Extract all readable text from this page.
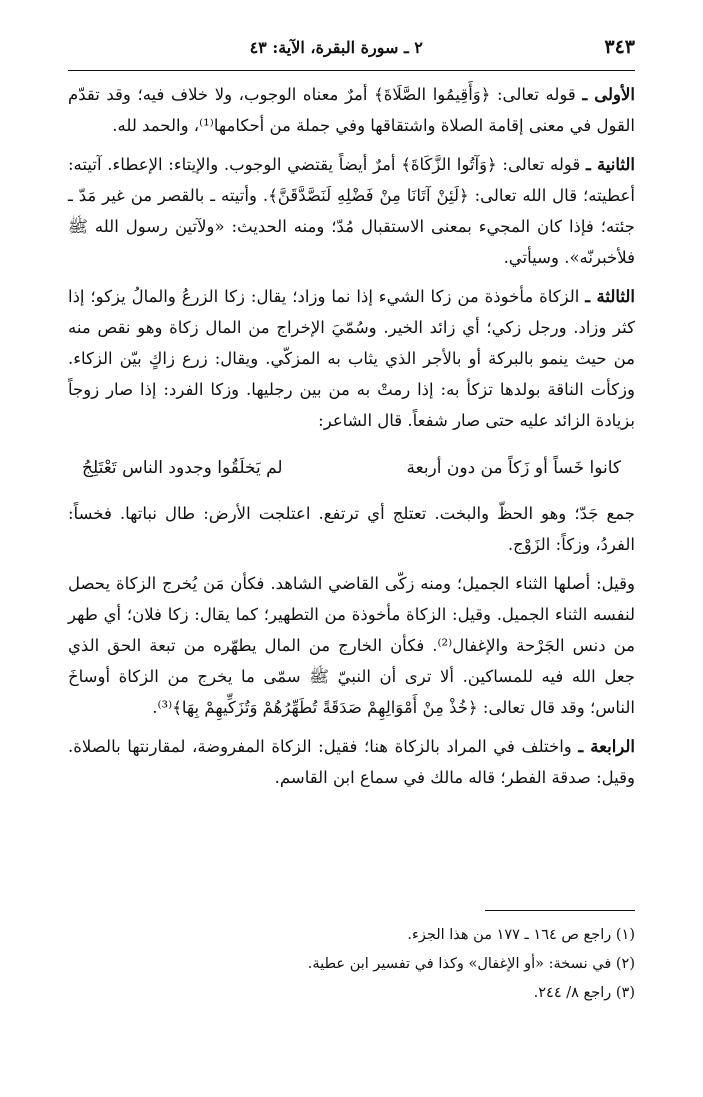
٣٤٣
٢ ـ سورة البقرة، الآية: ٤٣

الأولى ـ قوله تعالى: ﴿وَأَقِيمُوا الصَّلَاةَ﴾ أمرٌ معناه الوجوب، ولا خلاف فيه؛ وقد تقدّم القول في معنى إقامة الصلاة واشتقاقها وفي جملة من أحكامها⁽¹⁾، والحمد لله.

الثانية ـ قوله تعالى: ﴿وَآتُوا الزَّكَاةَ﴾ أمرٌ أيضاً يقتضي الوجوب. والإيتاء: الإعطاء. آتيته: أعطيته؛ قال الله تعالى: ﴿لَئِنْ آتَانَا مِنْ فَضْلِهِ لَنَصَّدَّقَنَّ﴾. وأتيته ـ بالقصر من غير مَدّ ـ جئته؛ فإذا كان المجيء بمعنى الاستقبال مُدّ؛ ومنه الحديث: «ولآتين رسول الله ﷺ فلأخبرنّه». وسيأتي.

الثالثة ـ الزكاة مأخوذة من زكا الشيء إذا نما وزاد؛ يقال: زكا الزرعُ والمالُ يزكو؛ إذا كثر وزاد. ورجل زكي؛ أي زائد الخير. وسُمّيَ الإخراج من المال زكاة وهو نقص منه من حيث ينمو بالبركة أو بالأجر الذي يثاب به المزكّي. ويقال: زرع زاكٍ بيّن الزكاء. وزكأت الناقة بولدها تزكأ به: إذا رمتْ به من بين رجليها. وزكا الفرد: إذا صار زوجاً بزيادة الزائد عليه حتى صار شفعاً. قال الشاعر:

كانوا خَساً أو زَكاً من دون أربعة
لم يَخلَقُوا وجدود الناس تَعْتَلِجُ

جمع جَدّ؛ وهو الحظّ والبخت. تعتلج أي ترتفع. اعتلجت الأرض: طال نباتها. فخساً: الفردُ، وزكاً: الزَوْج.

وقيل: أصلها الثناء الجميل؛ ومنه زكّى القاضي الشاهد. فكأن مَن يُخرج الزكاة يحصل لنفسه الثناء الجميل. وقيل: الزكاة مأخوذة من التطهير؛ كما يقال: زكا فلان؛ أي طهر من دنس الجَرْحة والإغفال⁽²⁾. فكأن الخارج من المال يطهّره من تبعة الحق الذي جعل الله فيه للمساكين. ألا ترى أن النبيّ ﷺ سمّى ما يخرج من الزكاة أوساخَ الناس؛ وقد قال تعالى: ﴿خُذْ مِنْ أَمْوَالِهِمْ صَدَقَةً تُطَهِّرُهُمْ وَتُزَكِّيهِمْ بِهَا﴾⁽³⁾.

الرابعة ـ واختلف في المراد بالزكاة هنا؛ فقيل: الزكاة المفروضة، لمقارنتها بالصلاة. وقيل: صدقة الفطر؛ قاله مالك في سماع ابن القاسم.

(١) راجع ص ١٦٤ ـ ١٧٧ من هذا الجزء.
(٢) في نسخة: «أو الإغفال» وكذا في تفسير ابن عطية.
(٣) راجع ٨/ ٢٤٤.
